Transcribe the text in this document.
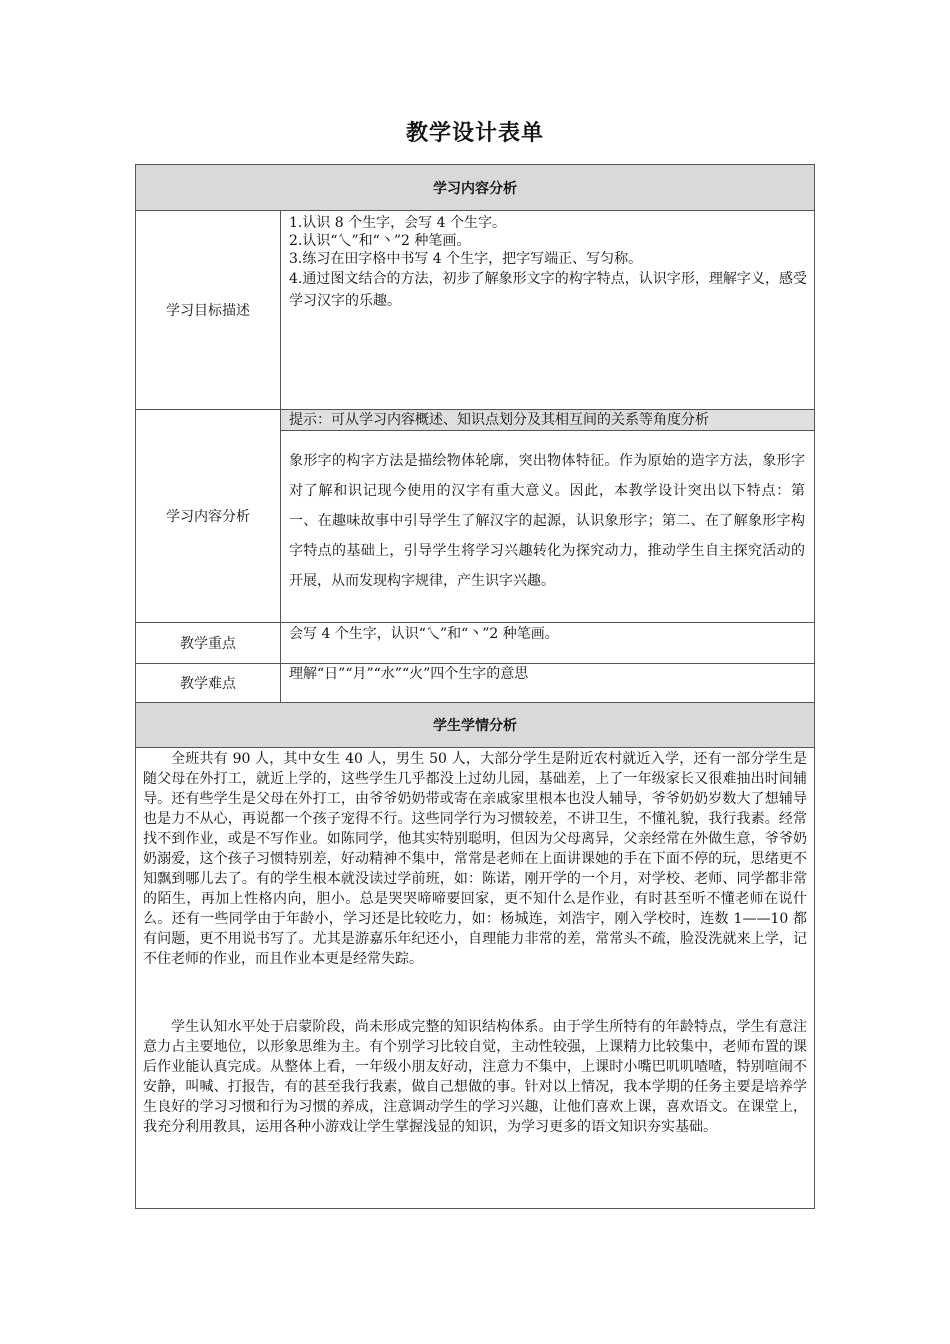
教学设计表单
学习内容分析
学习目标描述
1.认识 8 个生字，会写 4 个生字。
2.认识“乀”和“丶”2 种笔画。
3.练习在田字格中书写 4 个生字，把字写端正、写匀称。
4.通过图文结合的方法，初步了解象形文字的构字特点，认识字形，理解字义，感受学习汉字的乐趣。
学习内容分析
提示：可从学习内容概述、知识点划分及其相互间的关系等角度分析
象形字的构字方法是描绘物体轮廓，突出物体特征。作为原始的造字方法，象形字对了解和识记现今使用的汉字有重大意义。因此，本教学设计突出以下特点：第一、在趣味故事中引导学生了解汉字的起源，认识象形字；第二、在了解象形字构字特点的基础上，引导学生将学习兴趣转化为探究动力，推动学生自主探究活动的开展，从而发现构字规律，产生识字兴趣。
教学重点
会写 4 个生字，认识“乀”和“丶”2 种笔画。
教学难点
理解“日”“月”“水”“火”四个生字的意思
学生学情分析
全班共有 90 人，其中女生 40 人，男生 50 人，大部分学生是附近农村就近入学，还有一部分学生是随父母在外打工，就近上学的，这些学生几乎都没上过幼儿园，基础差，上了一年级家长又很难抽出时间辅导。还有些学生是父母在外打工，由爷爷奶奶带或寄在亲戚家里根本也没人辅导，爷爷奶奶岁数大了想辅导也是力不从心，再说都一个孩子宠得不行。这些同学行为习惯较差，不讲卫生，不懂礼貌，我行我素。经常找不到作业，或是不写作业。如陈同学，他其实特别聪明，但因为父母离异，父亲经常在外做生意，爷爷奶奶溺爱，这个孩子习惯特别差，好动精神不集中，常常是老师在上面讲课她的手在下面不停的玩，思绪更不知飘到哪儿去了。有的学生根本就没读过学前班，如：陈诺，刚开学的一个月，对学校、老师、同学都非常的陌生，再加上性格内向，胆小。总是哭哭啼啼要回家，更不知什么是作业，有时甚至听不懂老师在说什么。还有一些同学由于年龄小，学习还是比较吃力，如：杨城连，刘浩宇，刚入学校时，连数 1——10 都有问题，更不用说书写了。尤其是游嘉乐年纪还小，自理能力非常的差，常常头不疏，脸没洗就来上学，记不住老师的作业，而且作业本更是经常失踪。
学生认知水平处于启蒙阶段，尚未形成完整的知识结构体系。由于学生所特有的年龄特点，学生有意注意力占主要地位，以形象思维为主。有个别学习比较自觉，主动性较强，上课精力比较集中，老师布置的课后作业能认真完成。从整体上看，一年级小朋友好动，注意力不集中，上课时小嘴巴叽叽喳喳，特别喧闹不安静，叫喊、打报告，有的甚至我行我素，做自己想做的事。针对以上情况，我本学期的任务主要是培养学生良好的学习习惯和行为习惯的养成，注意调动学生的学习兴趣，让他们喜欢上课，喜欢语文。在课堂上，我充分利用教具，运用各种小游戏让学生掌握浅显的知识，为学习更多的语文知识夯实基础。
